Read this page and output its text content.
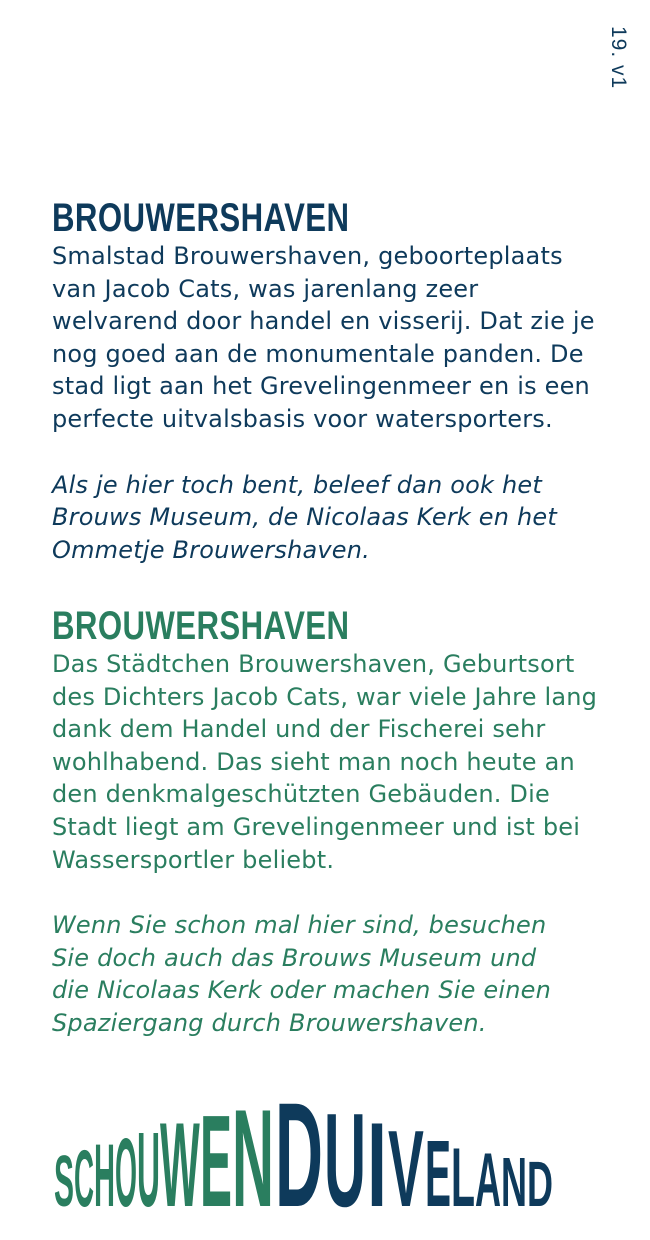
19. v1
BROUWERSHAVEN

Smalstad Brouwershaven, geboorteplaats van Jacob Cats, was jarenlang zeer welvarend door handel en visserij. Dat zie je nog goed aan de monumentale panden. De stad ligt aan het Grevelingenmeer en is een perfecte uitvalsbasis voor watersporters.

Als je hier toch bent, beleef dan ook het Brouws Museum, de Nicolaas Kerk en het Ommetje Brouwershaven.

BROUWERSHAVEN

Das Städtchen Brouwershaven, Geburtsort des Dichters Jacob Cats, war viele Jahre lang dank dem Handel und der Fischerei sehr wohlhabend. Das sieht man noch heute an den denkmalgeschützten Gebäuden. Die Stadt liegt am Grevelingenmeer und ist bei Wassersportler beliebt.

Wenn Sie schon mal hier sind, besuchen Sie doch auch das Brouws Museum und die Nicolaas Kerk oder machen Sie einen Spaziergang durch Brouwershaven.

S C H O U W E N D U I V E L A N D
